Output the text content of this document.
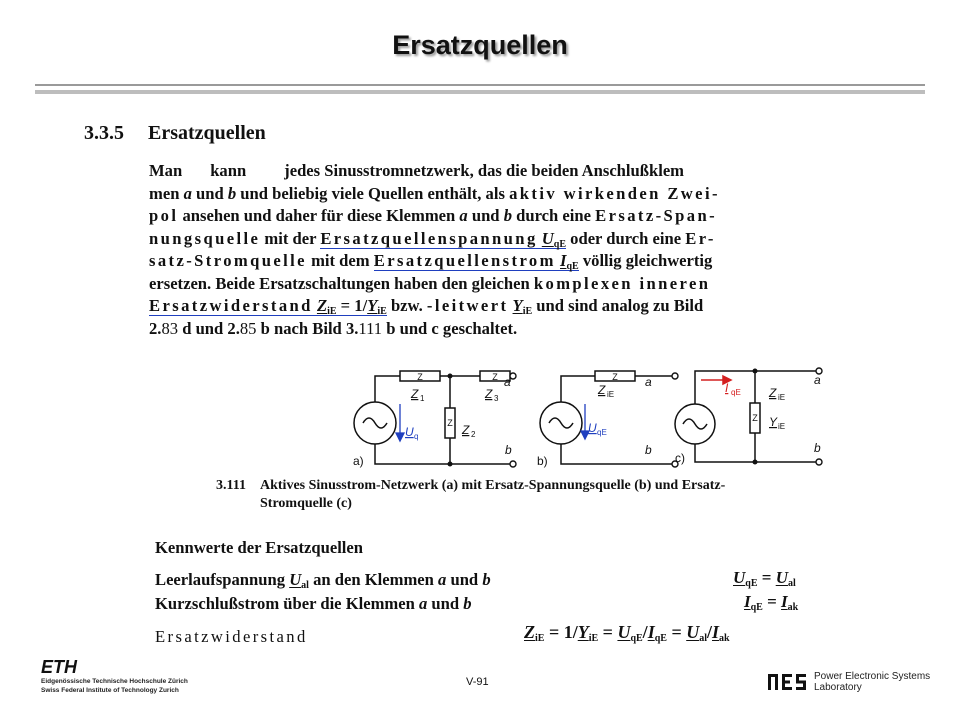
Ersatzquellen
3.3.5 Ersatzquellen
Man kann jedes Sinusstromnetzwerk, das die beiden Anschlußklem
men a und b und beliebig viele Quellen enthält, als aktiv wirkenden Zwei-
pol ansehen und daher für diese Klemmen a und b durch eine Ersatz-Span-
nungsquelle mit der Ersatzquellenspannung $U_{qE}$ oder durch eine Er-
satz-Stromquelle mit dem Ersatzquellenstrom $I_{qE}$ völlig gleichwertig
ersetzen. Beide Ersatzschaltungen haben den gleichen komplexen inneren
Ersatzwiderstand $Z_{iE} = 1/Y_{iE}$ bzw. -leitwert $Y_{iE}$ und sind analog zu Bild
2.83 d und 2.85 b nach Bild 3.111 b und c geschaltet.
Z	Z
Z
Z
Z
Z 1	Z 3
Z 2
Z iE	Z iE
Y iE
a
b
a
b
a
b
a)	b)	c)
U q
U qE
I qE
3.111 Aktives Sinusstrom-Netzwerk (a) mit Ersatz-Spannungsquelle (b) und Ersatz-
Stromquelle (c)
Kennwerte der Ersatzquellen
Leerlaufspannung $U_{al}$ an den Klemmen a und b
Kurzschlußstrom über die Klemmen a und b
Ersatzwiderstand
$U_{qE} = U_{al}$
$I_{qE} = I_{ak}$
$Z_{iE} = 1/Y_{iE} = U_{qE}/I_{qE} = U_{al}/I_{ak}$
ETH
Eidgenössische Technische Hochschule Zürich
Swiss Federal Institute of Technology Zurich
V-91	Power Electronic Systems
Laboratory
